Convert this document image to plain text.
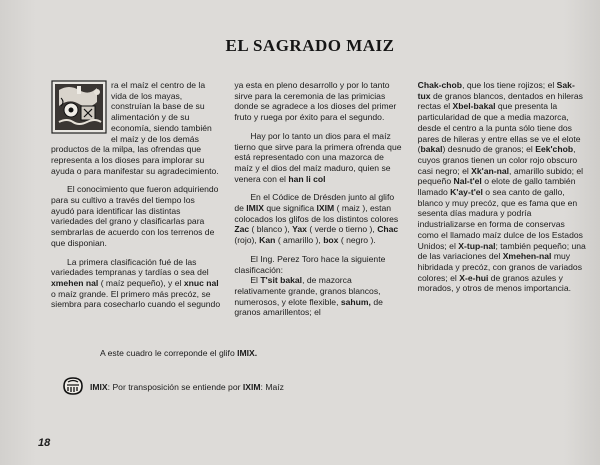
EL SAGRADO MAIZ

ra el maíz el centro de la vida de los mayas, construían la base de su alimentación y de su economía, siendo también el maíz y de los demás productos de la milpa, las ofrendas que representa a los dioses para implorar su ayuda o para manifestar su agradecimiento.

El conocimiento que fueron adquiriendo para su cultivo a través del tiempo los ayudó para identificar las distintas variedades del grano y clasificarlas para sembrarlas de acuerdo con los terrenos de que disponian.

La primera clasificación fué de las variedades tempranas y tardías o sea del xmehen nal ( maíz pequeño), y el xnuc nal o maíz grande. El primero más precóz, se siembra para cosecharlo cuando el segundo

ya esta en pleno desarrollo y por lo tanto sirve para la ceremonia de las primicias donde se agradece a los dioses del primer fruto y ruega por éxito para el segundo.

Hay por lo tanto un dios para el maíz tierno que sirve para la primera ofrenda que está representado con una mazorca de maíz y el dios del maíz maduro, quien se venera con el han li col

En el Códice de Drésden junto al glifo de IMIX que significa IXIM ( maiz ), estan colocados los glifos de los distintos colores Zac ( blanco ), Yax ( verde o tierno ), Chac (rojo), Kan ( amarillo ), box ( negro ).

El Ing. Perez Toro hace la siguiente clasificación:

El T'sit bakal, de mazorca relativamente grande, granos blancos, numerosos, y elote flexible, sahum, de granos amarillentos; el

Chak-chob, que los tiene rojizos; el Sak-tux de granos blancos, dentados en hileras rectas el Xbel-bakal que presenta la particularidad de que a media mazorca, desde el centro a la punta sólo tiene dos pares de hileras y entre ellas se ve el elote (bakal) desnudo de granos; el Eek'chob, cuyos granos tienen un color rojo obscuro casi negro; el Xk'an-nal, amarillo subido; el pequeño Nal-t'el o elote de gallo también llamado K'ay-t'el o sea canto de gallo, blanco y muy precóz, que es fama que en sesenta días madura y podría industrializarse en forma de conservas como el llamado maíz dulce de los Estados Unidos; el X-tup-nal; también pequeño; una de las variaciones del Xmehen-nal muy hibridada y precóz, con granos de variados colores; el X-e-hui de granos azules y morados, y otros de menos importancia.

A este cuadro le correponde el glifo IMIX.
IMIX: Por transposición se entiende por IXIM: Maíz
18
